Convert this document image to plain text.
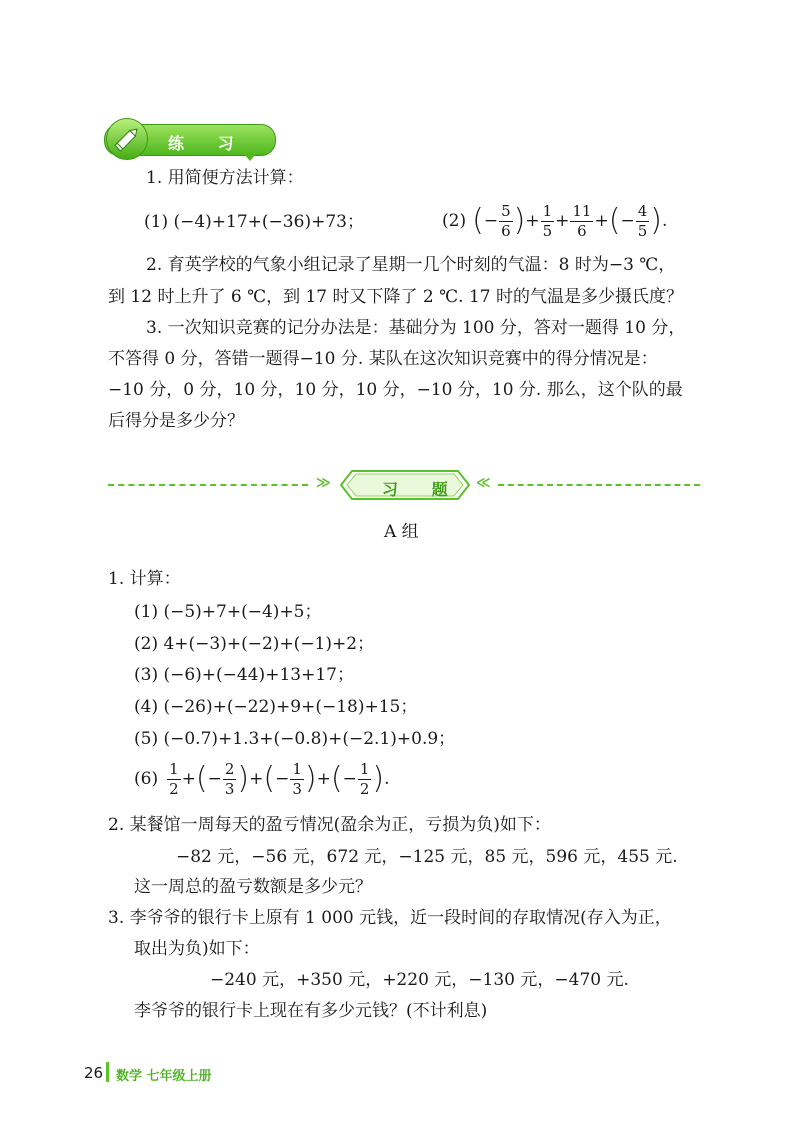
练 习
1. 用简便方法计算：
(1) (−4)+17+(−36)+73；	(2) ( − $\frac{5}{6}$ ) + $\frac{1}{5} + \frac{11}{6}$ + ( − $\frac{4}{5}$ ) .
2. 育英学校的气象小组记录了星期一几个时刻的气温：8 时为−3 ℃，
到 12 时上升了 6 ℃，到 17 时又下降了 2 ℃. 17 时的气温是多少摄氏度？
3. 一次知识竞赛的记分办法是：基础分为 100 分，答对一题得 10 分，
不答得 0 分，答错一题得−10 分. 某队在这次知识竞赛中的得分情况是：
−10 分，0 分，10 分，10 分，10 分，−10 分，10 分. 那么，这个队的最
后得分是多少分？
≫	习 题 ≪
A 组
1. 计算：
(1) (−5)+7+(−4)+5；
(2) 4+(−3)+(−2)+(−1)+2；
(3) (−6)+(−44)+13+17；
(4) (−26)+(−22)+9+(−18)+15；
(5) (−0.7)+1.3+(−0.8)+(−2.1)+0.9；
$(6) \frac{1}{2}$ + ( − $\frac{2}{3}$ ) + ( − $\frac{1}{3}$ ) + ( − $\frac{1}{2}$ ) .
2. 某餐馆一周每天的盈亏情况(盈余为正，亏损为负)如下：
−82 元，−56 元，672 元，−125 元，85 元，596 元，455 元.
这一周总的盈亏数额是多少元？
3. 李爷爷的银行卡上原有 1 000 元钱，近一段时间的存取情况(存入为正，
取出为负)如下：
−240 元，+350 元，+220 元，−130 元，−470 元.
李爷爷的银行卡上现在有多少元钱？(不计利息)
26 数学 七年级上册
